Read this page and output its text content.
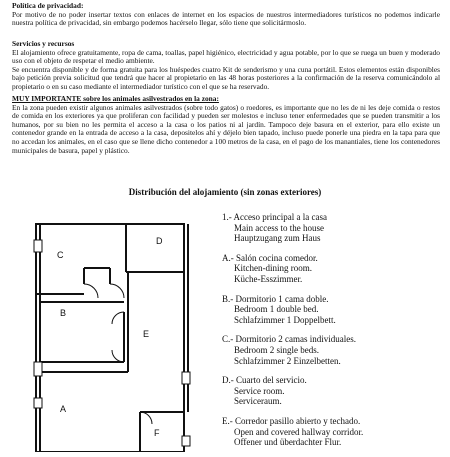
Política de privacidad:

Por motivo de no poder insertar textos con enlaces de internet en los espacios de nuestros intermediadores turísticos no podemos indicarle nuestra política de privacidad, sin embargo podemos hacérselo llegar, sólo tiene que solicitármoslo.

Servicios y recursos

El alojamiento ofrece gratuitamente, ropa de cama, toallas, papel higiénico, electricidad y agua potable, por lo que se ruega un buen y moderado uso con el objeto de respetar el medio ambiente.

Se encuentra disponible y de forma gratuita para los huéspedes cuatro Kit de senderismo y una cuna portátil. Estos elementos están disponibles bajo petición previa solicitud que tendrá que hacer al propietario en las 48 horas posteriores a la confirmación de la reserva comunicándolo al propietario o en su caso mediante el intermediador turístico con el que se ha reservado.

MUY IMPORTANTE sobre los animales asilvestrados en la zona:

En la zona pueden existir algunos animales asilvestrados (sobre todo gatos) o roedores, es importante que no les de ni les deje comida o restos de comida en los exteriores ya que proliferan con facilidad y pueden ser molestos e incluso tener enfermedades que se pueden transmitir a los humanos, por su bien no les permita el acceso a la casa o los patios ni al jardín. Tampoco deje basura en el exterior, para ello existe un contenedor grande en la entrada de acceso a la casa, depositelos ahí y déjelo bien tapado, incluso puede ponerle una piedra en la tapa para que no accedan los animales, en el caso que se llene dicho contenedor a 100 metros de la casa, en el pago de los manantiales, tiene los contenedores municipales de basura, papel y plástico.

Distribución del alojamiento (sin zonas exteriores)
C
D
B
E
A
F
1.- Acceso principal a la casa
Main access to the house
Hauptzugang zum Haus
A.- Salón cocina comedor.
Kitchen-dining room.
Küche-Esszimmer.
B.- Dormitorio 1 cama doble.
Bedroom 1 double bed.
Schlafzimmer 1 Doppelbett.
C.- Dormitorio 2 camas individuales.
Bedroom 2 single beds.
Schlafzimmer 2 Einzelbetten.
D.- Cuarto del servicio.
Service room.
Serviceraum.
E.- Corredor pasillo abierto y techado.
Open and covered hallway corridor.
Offener und überdachter Flur.
